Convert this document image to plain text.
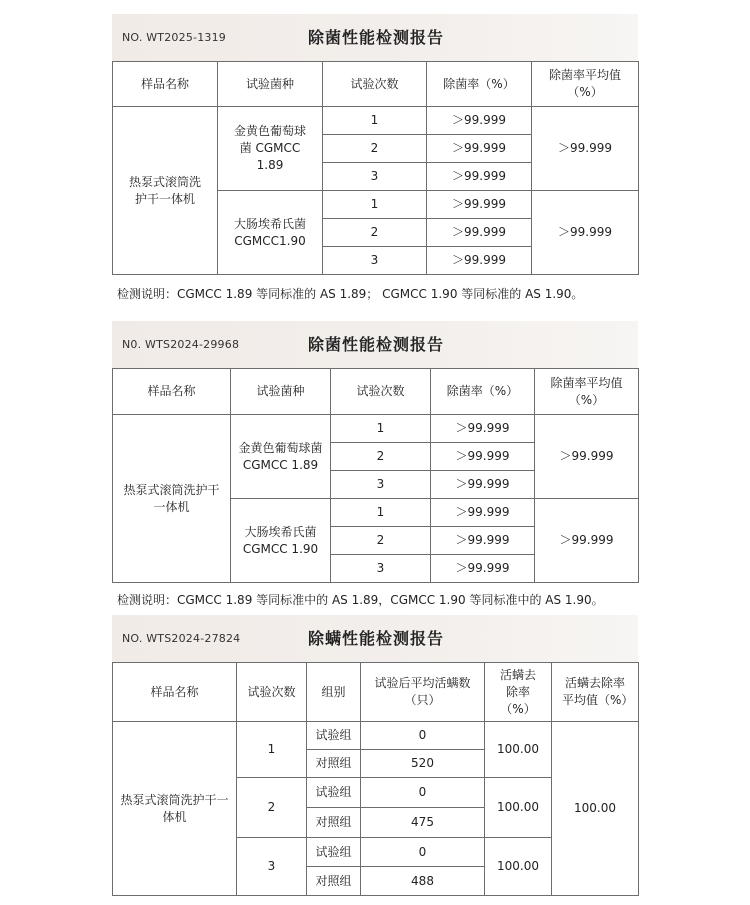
NO. WT2025-1319	除菌性能检测报告
样品名称	试验菌种	试验次数	除菌率（%）	除菌率平均值（%）
热泵式滚筒洗护干一体机	金黄色葡萄球菌 CGMCC 1.89	1	＞99.999	＞99.999
		2	＞99.999	
		3	＞99.999	
	大肠埃希氏菌 CGMCC1.90	1	＞99.999	＞99.999
		2	＞99.999	
		3	＞99.999	
检测说明：CGMCC 1.89 等同标准的 AS 1.89； CGMCC 1.90 等同标准的 AS 1.90。
N0. WTS2024-29968	除菌性能检测报告
样品名称	试验菌种	试验次数	除菌率（%）	除菌率平均值（%）
热泵式滚筒洗护干一体机	金黄色葡萄球菌 CGMCC 1.89	1	＞99.999	＞99.999
		2	＞99.999	
		3	＞99.999	
	大肠埃希氏菌 CGMCC 1.90	1	＞99.999	＞99.999
		2	＞99.999	
		3	＞99.999	
检测说明：CGMCC 1.89 等同标准中的 AS 1.89，CGMCC 1.90 等同标准中的 AS 1.90。
NO. WTS2024-27824	除螨性能检测报告
样品名称	试验次数	组别	试验后平均活螨数（只）	活螨去除率（%）	活螨去除率平均值（%）
热泵式滚筒洗护干一体机	1	试验组	0	100.00	100.00
		对照组	520		
	2	试验组	0	100.00	
		对照组	475		
	3	试验组	0	100.00	
		对照组	488		
